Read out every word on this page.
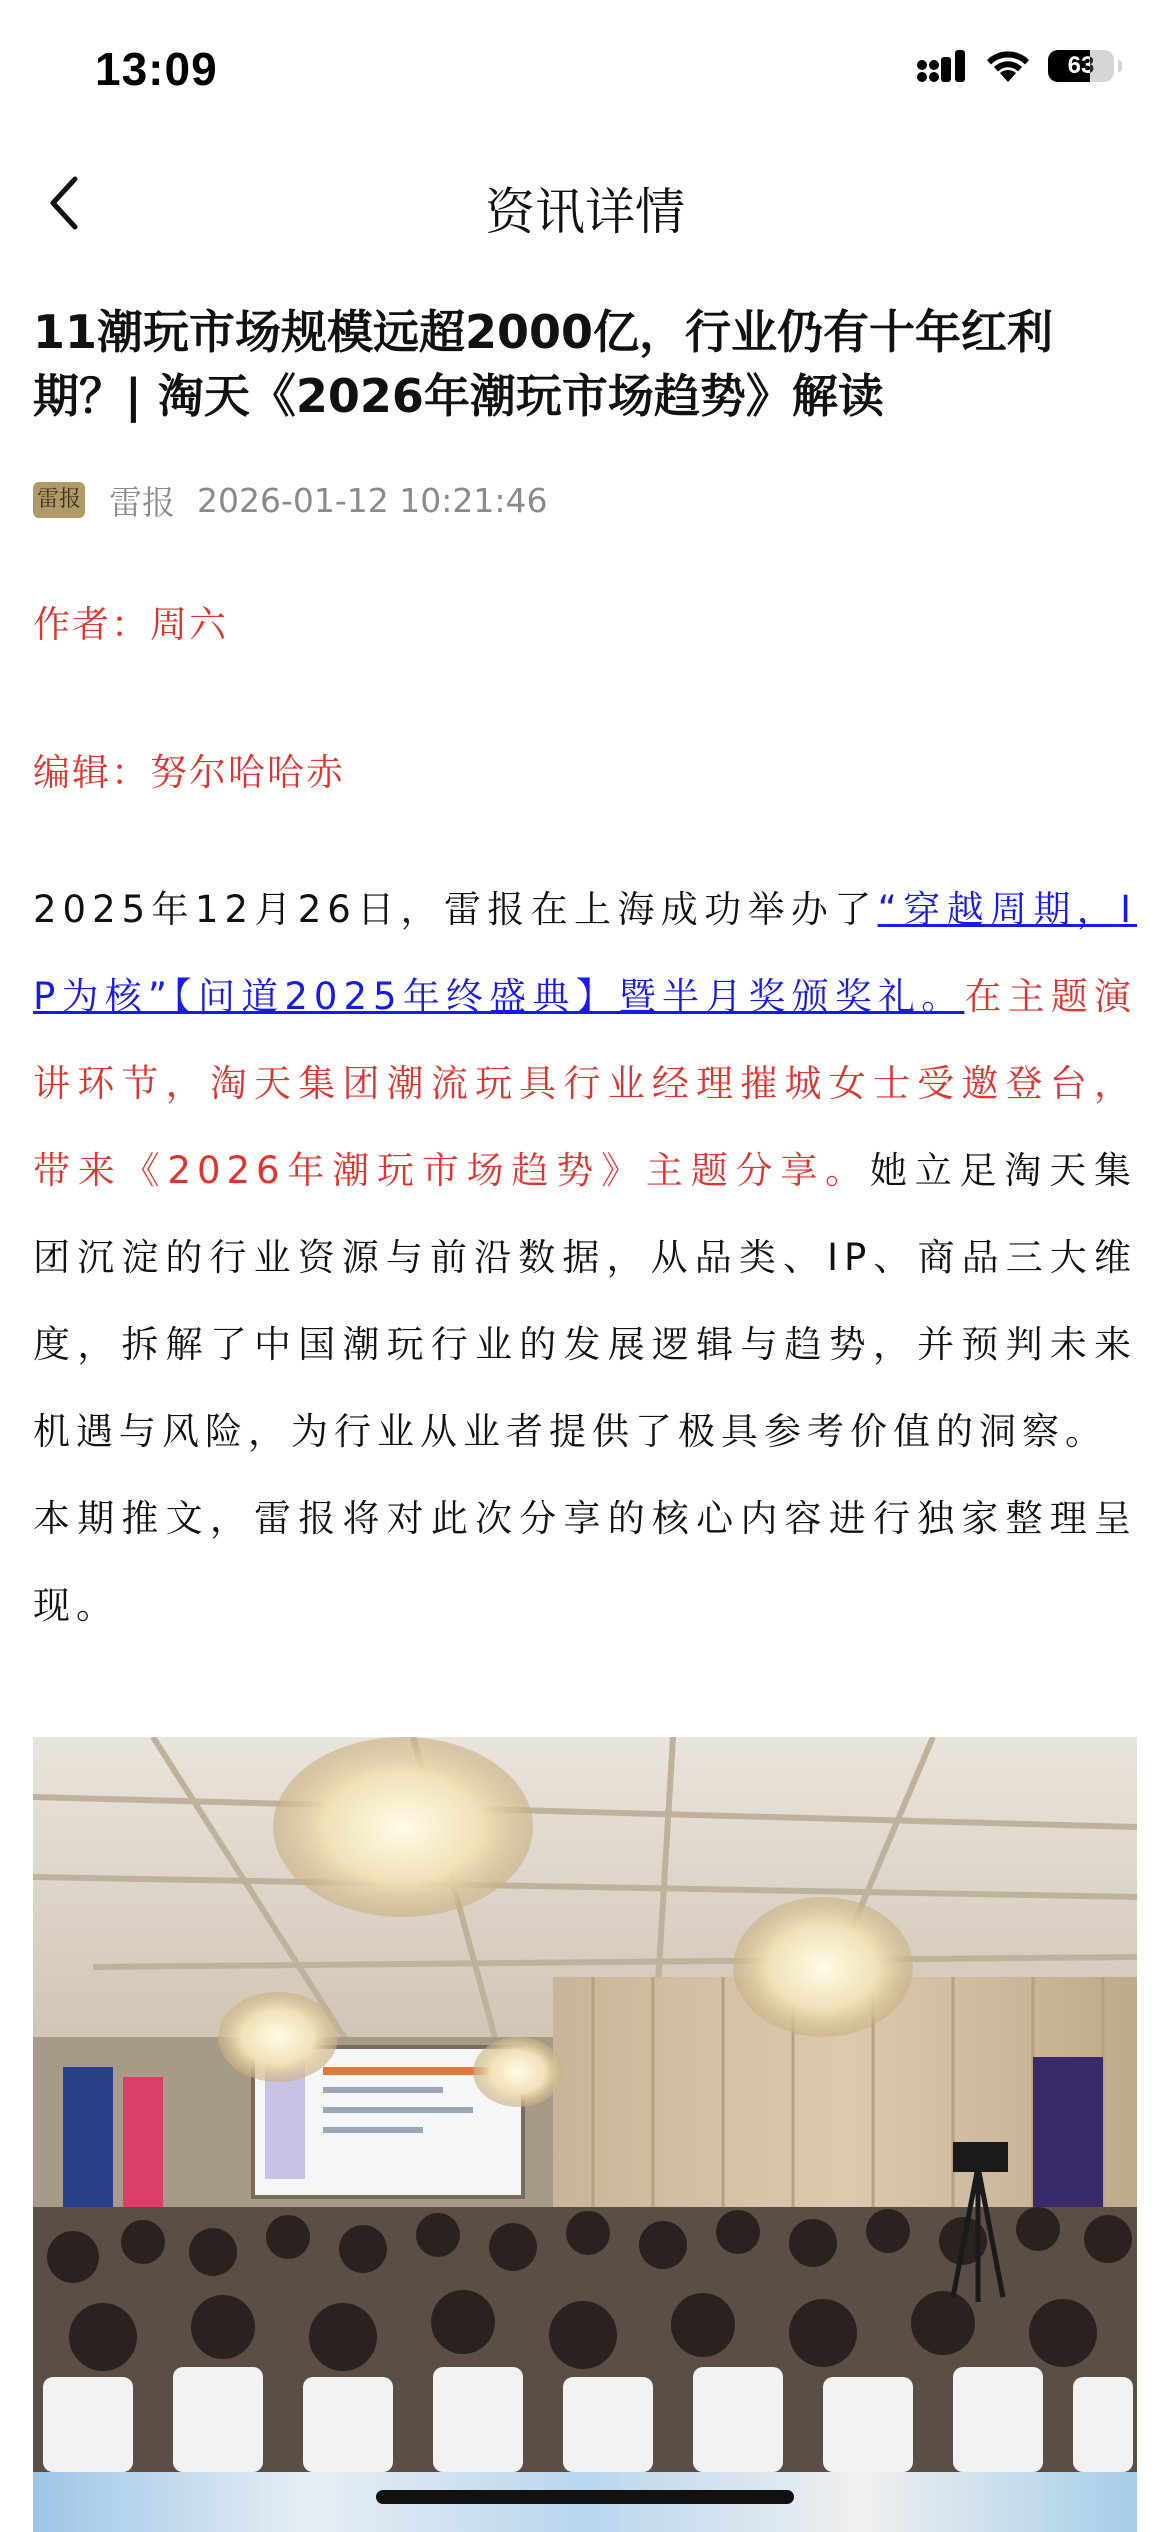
13:09	63
资讯详情
11潮玩市场规模远超2000亿，行业仍有十年红利期？| 淘天《2026年潮玩市场趋势》解读
雷报 雷报 2026-01-12 10:21:46
作者：周六
编辑：努尔哈哈赤

2025年12月26日，雷报在上海成功举办了“穿越周期，IP为核”【问道2025年终盛典】暨半月奖颁奖礼。在主题演讲环节，淘天集团潮流玩具行业经理摧城女士受邀登台，带来《2026年潮玩市场趋势》主题分享。她立足淘天集团沉淀的行业资源与前沿数据，从品类、IP、商品三大维度，拆解了中国潮玩行业的发展逻辑与趋势，并预判未来机遇与风险，为行业从业者提供了极具参考价值的洞察。

本期推文，雷报将对此次分享的核心内容进行独家整理呈现。
